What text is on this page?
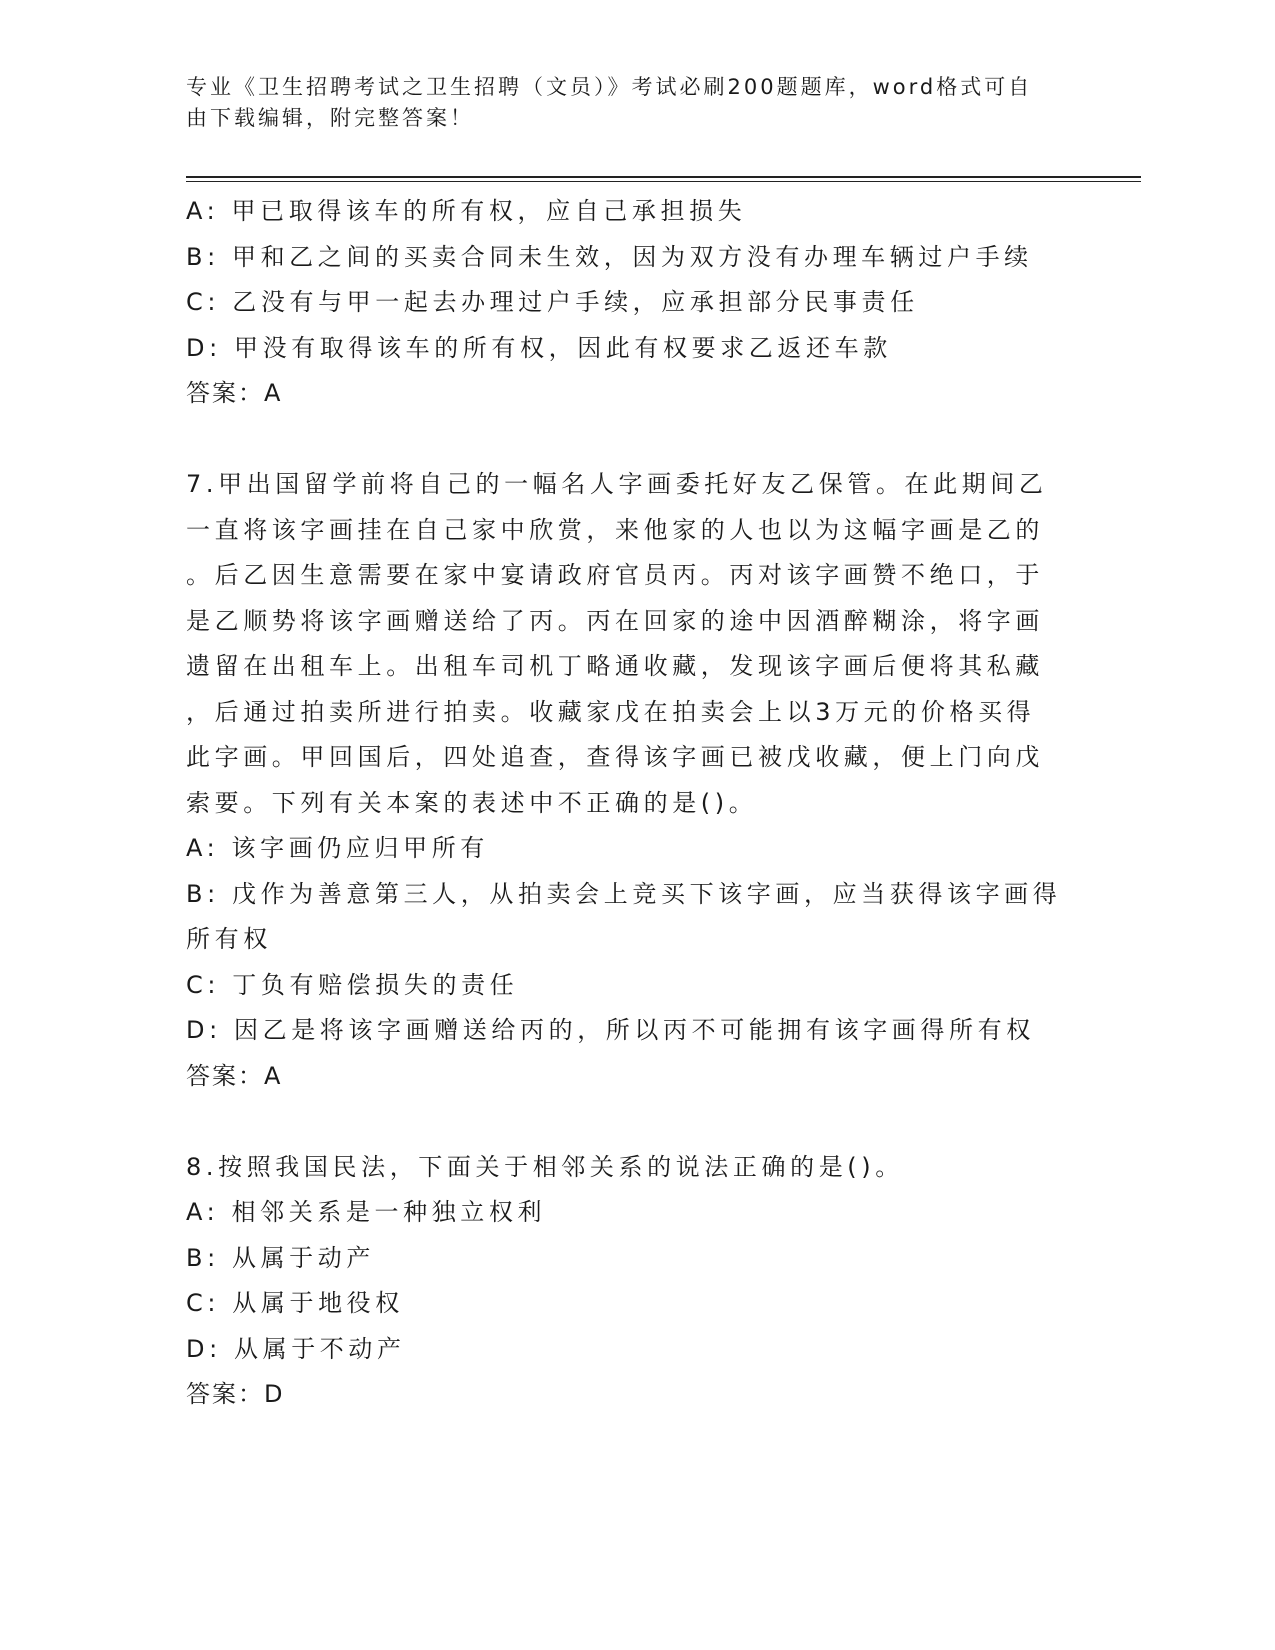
专业《卫生招聘考试之卫生招聘（文员）》考试必刷200题题库，word格式可自
由下载编辑，附完整答案！
A: 甲已取得该车的所有权，应自己承担损失
B: 甲和乙之间的买卖合同未生效，因为双方没有办理车辆过户手续
C: 乙没有与甲一起去办理过户手续，应承担部分民事责任
D: 甲没有取得该车的所有权，因此有权要求乙返还车款
答案：A
7.甲出国留学前将自己的一幅名人字画委托好友乙保管。在此期间乙
一直将该字画挂在自己家中欣赏，来他家的人也以为这幅字画是乙的
。后乙因生意需要在家中宴请政府官员丙。丙对该字画赞不绝口，于
是乙顺势将该字画赠送给了丙。丙在回家的途中因酒醉糊涂，将字画
遗留在出租车上。出租车司机丁略通收藏，发现该字画后便将其私藏
，后通过拍卖所进行拍卖。收藏家戊在拍卖会上以3万元的价格买得
此字画。甲回国后，四处追查，查得该字画已被戊收藏，便上门向戊
索要。下列有关本案的表述中不正确的是()。
A: 该字画仍应归甲所有
B: 戊作为善意第三人，从拍卖会上竞买下该字画，应当获得该字画得
所有权
C: 丁负有赔偿损失的责任
D: 因乙是将该字画赠送给丙的，所以丙不可能拥有该字画得所有权
答案：A
8.按照我国民法，下面关于相邻关系的说法正确的是()。
A: 相邻关系是一种独立权利
B: 从属于动产
C: 从属于地役权
D: 从属于不动产
答案：D
